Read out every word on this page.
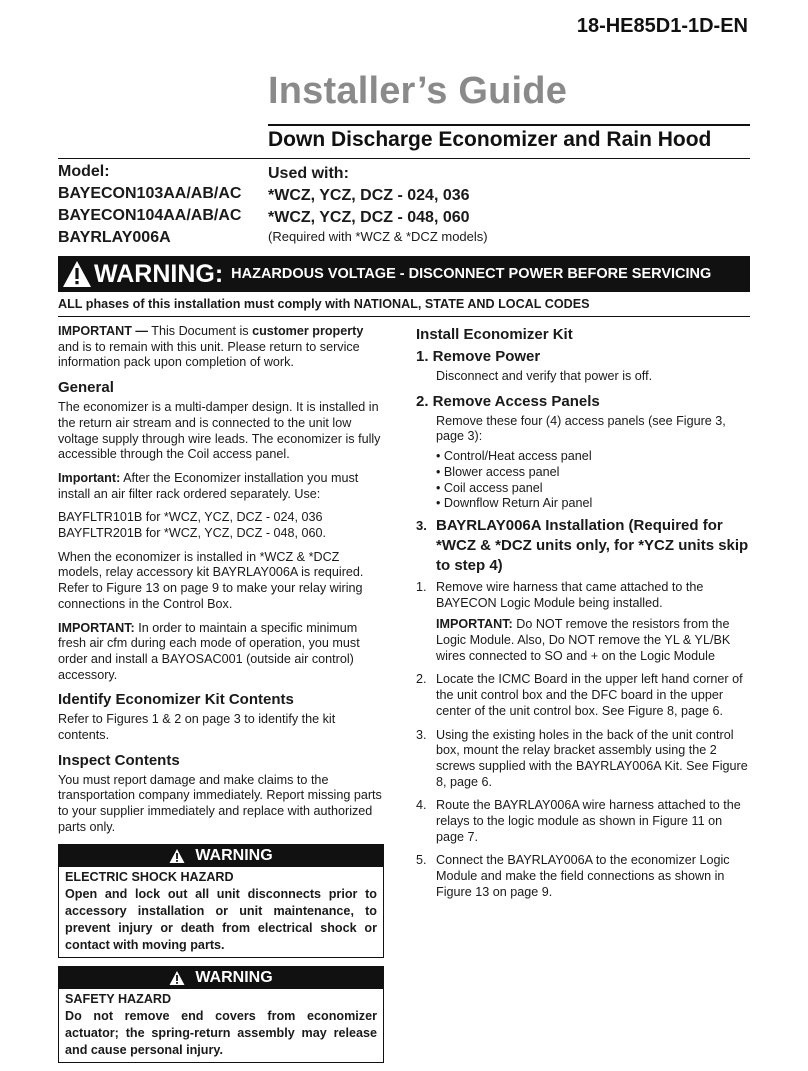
18-HE85D1-1D-EN
Installer’s Guide
Down Discharge Economizer and Rain Hood
Model:
BAYECON103AA/AB/AC
BAYECON104AA/AB/AC
BAYRLAY006A
Used with:
*WCZ, YCZ, DCZ - 024, 036
*WCZ, YCZ, DCZ - 048, 060
(Required with *WCZ & *DCZ models)
WARNING: HAZARDOUS VOLTAGE - DISCONNECT POWER BEFORE SERVICING
ALL phases of this installation must comply with NATIONAL, STATE AND LOCAL CODES

IMPORTANT — This Document is customer property and is to remain with this unit. Please return to service information pack upon completion of work.

General

The economizer is a multi-damper design. It is installed in the return air stream and is connected to the unit low voltage supply through wire leads. The economizer is fully accessible through the Coil access panel.

Important: After the Economizer installation you must install an air filter rack ordered separately. Use:

BAYFLTR101B for *WCZ, YCZ, DCZ - 024, 036
BAYFLTR201B for *WCZ, YCZ, DCZ - 048, 060.

When the economizer is installed in *WCZ & *DCZ models, relay accessory kit BAYRLAY006A is required. Refer to Figure 13 on page 9 to make your relay wiring connections in the Control Box.

IMPORTANT: In order to maintain a specific minimum fresh air cfm during each mode of operation, you must order and install a BAYOSAC001 (outside air control) accessory.

Identify Economizer Kit Contents

Refer to Figures 1 & 2 on page 3 to identify the kit contents.

Inspect Contents

You must report damage and make claims to the transportation company immediately. Report missing parts to your supplier immediately and replace with authorized parts only.

WARNING
ELECTRIC SHOCK HAZARD
Open and lock out all unit disconnects prior to accessory installation or unit maintenance, to prevent injury or death from electrical shock or contact with moving parts.
WARNING
SAFETY HAZARD
Do not remove end covers from economizer actuator; the spring-return assembly may release and cause personal injury.
Install Economizer Kit
1. Remove Power

Disconnect and verify that power is off.

2. Remove Access Panels

Remove these four (4) access panels (see Figure 3, page 3):

• Control/Heat access panel
• Blower access panel
• Coil access panel
• Downflow Return Air panel
3. BAYRLAY006A Installation (Required for *WCZ & *DCZ units only, for *YCZ units skip to step 4)
1. Remove wire harness that came attached to the BAYECON Logic Module being installed.
IMPORTANT: Do NOT remove the resistors from the Logic Module. Also, Do NOT remove the YL & YL/BK wires connected to SO and + on the Logic Module
2. Locate the ICMC Board in the upper left hand corner of the unit control box and the DFC board in the upper center of the unit control box. See Figure 8, page 6.
3. Using the existing holes in the back of the unit control box, mount the relay bracket assembly using the 2 screws supplied with the BAYRLAY006A Kit. See Figure 8, page 6.
4. Route the BAYRLAY006A wire harness attached to the relays to the logic module as shown in Figure 11 on page 7.
5. Connect the BAYRLAY006A to the economizer Logic Module and make the field connections as shown in Figure 13 on page 9.
